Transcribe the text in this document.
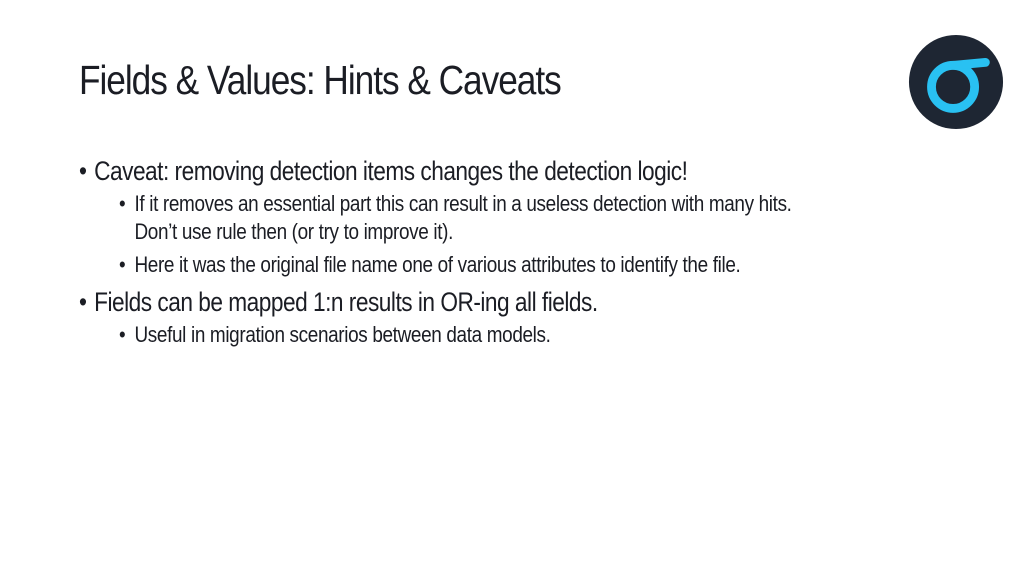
Fields & Values: Hints & Caveats
• Caveat: removing detection items changes the detection logic!
• If it removes an essential part this can result in a useless detection with many hits.
Don’t use rule then (or try to improve it).
• Here it was the original file name one of various attributes to identify the file.
• Fields can be mapped 1:n results in OR-ing all fields.
• Useful in migration scenarios between data models.
